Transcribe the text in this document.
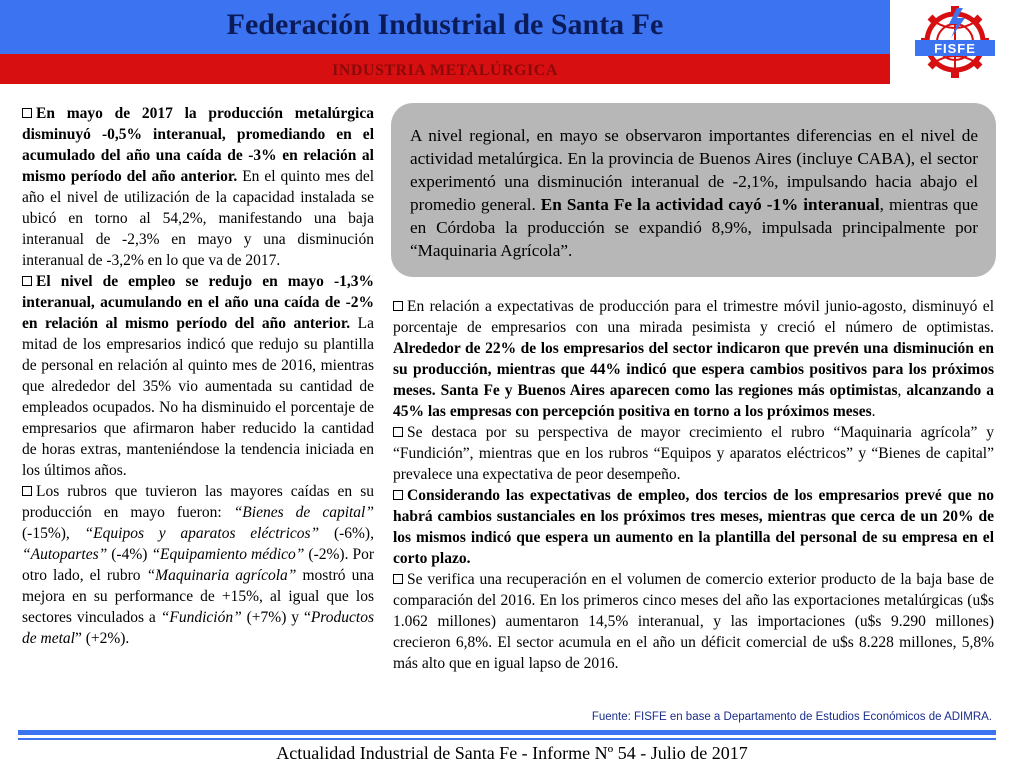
Federación Industrial de Santa Fe
INDUSTRIA METALÚRGICA
FISFE

En mayo de 2017 la producción metalúrgica disminuyó -0,5% interanual, promediando en el acumulado del año una caída de -3% en relación al mismo período del año anterior. En el quinto mes del año el nivel de utilización de la capacidad instalada se ubicó en torno al 54,2%, manifestando una baja interanual de -2,3% en mayo y una disminución interanual de -3,2% en lo que va de 2017.

El nivel de empleo se redujo en mayo -1,3% interanual, acumulando en el año una caída de -2% en relación al mismo período del año anterior. La mitad de los empresarios indicó que redujo su plantilla de personal en relación al quinto mes de 2016, mientras que alrededor del 35% vio aumentada su cantidad de empleados ocupados. No ha disminuido el porcentaje de empresarios que afirmaron haber reducido la cantidad de horas extras, manteniéndose la tendencia iniciada en los últimos años.

Los rubros que tuvieron las mayores caídas en su producción en mayo fueron: “Bienes de capital” (-15%), “Equipos y aparatos eléctricos” (-6%), “Autopartes” (-4%) “Equipamiento médico” (-2%). Por otro lado, el rubro “Maquinaria agrícola” mostró una mejora en su performance de +15%, al igual que los sectores vinculados a “Fundición” (+7%) y “Productos de metal” (+2%).

A nivel regional, en mayo se observaron importantes diferencias en el nivel de actividad metalúrgica. En la provincia de Buenos Aires (incluye CABA), el sector experimentó una disminución interanual de -2,1%, impulsando hacia abajo el promedio general. En Santa Fe la actividad cayó -1% interanual, mientras que en Córdoba la producción se expandió 8,9%, impulsada principalmente por “Maquinaria Agrícola”.

En relación a expectativas de producción para el trimestre móvil junio-agosto, disminuyó el porcentaje de empresarios con una mirada pesimista y creció el número de optimistas. Alrededor de 22% de los empresarios del sector indicaron que prevén una disminución en su producción, mientras que 44% indicó que espera cambios positivos para los próximos meses. Santa Fe y Buenos Aires aparecen como las regiones más optimistas, alcanzando a 45% las empresas con percepción positiva en torno a los próximos meses.

Se destaca por su perspectiva de mayor crecimiento el rubro “Maquinaria agrícola” y “Fundición”, mientras que en los rubros “Equipos y aparatos eléctricos” y “Bienes de capital” prevalece una expectativa de peor desempeño.

Considerando las expectativas de empleo, dos tercios de los empresarios prevé que no habrá cambios sustanciales en los próximos tres meses, mientras que cerca de un 20% de los mismos indicó que espera un aumento en la plantilla del personal de su empresa en el corto plazo.

Se verifica una recuperación en el volumen de comercio exterior producto de la baja base de comparación del 2016. En los primeros cinco meses del año las exportaciones metalúrgicas (u$s 1.062 millones) aumentaron 14,5% interanual, y las importaciones (u$s 9.290 millones) crecieron 6,8%. El sector acumula en el año un déficit comercial de u$s 8.228 millones, 5,8% más alto que en igual lapso de 2016.

Fuente: FISFE en base a Departamento de Estudios Económicos de ADIMRA.
Actualidad Industrial de Santa Fe - Informe Nº 54 - Julio de 2017
